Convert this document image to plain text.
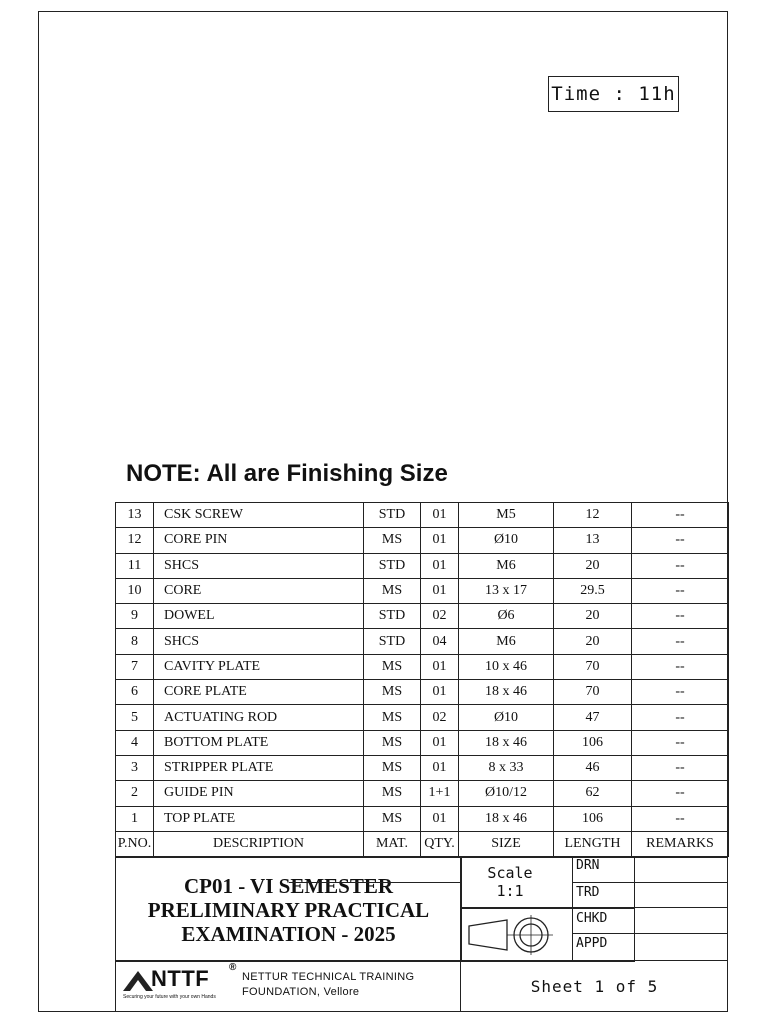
Time : 11h
NOTE: All are Finishing Size
13	CSK SCREW	STD	01	M5	12	--
12	CORE PIN	MS	01	Ø10	13	--
11	SHCS	STD	01	M6	20	--
10	CORE	MS	01	13 x 17	29.5	--
9	DOWEL	STD	02	Ø6	20	--
8	SHCS	STD	04	M6	20	--
7	CAVITY PLATE	MS	01	10 x 46	70	--
6	CORE PLATE	MS	01	18 x 46	70	--
5	ACTUATING ROD	MS	02	Ø10	47	--
4	BOTTOM PLATE	MS	01	18 x 46	106	--
3	STRIPPER PLATE	MS	01	8 x 33	46	--
2	GUIDE PIN	MS	1+1	Ø10/12	62	--
1	TOP PLATE	MS	01	18 x 46	106	--
P.NO.	DESCRIPTION	MAT.	QTY.	SIZE	LENGTH	REMARKS
CP01 - VI SEMESTER
PRELIMINARY PRACTICAL
EXAMINATION - 2025
Scale
1:1
DRN
TRD
CHKD
APPD
NTTF ®
Securing your future with your own Hands
NETTUR TECHNICAL TRAINING
FOUNDATION, Vellore	Sheet 1 of 5
